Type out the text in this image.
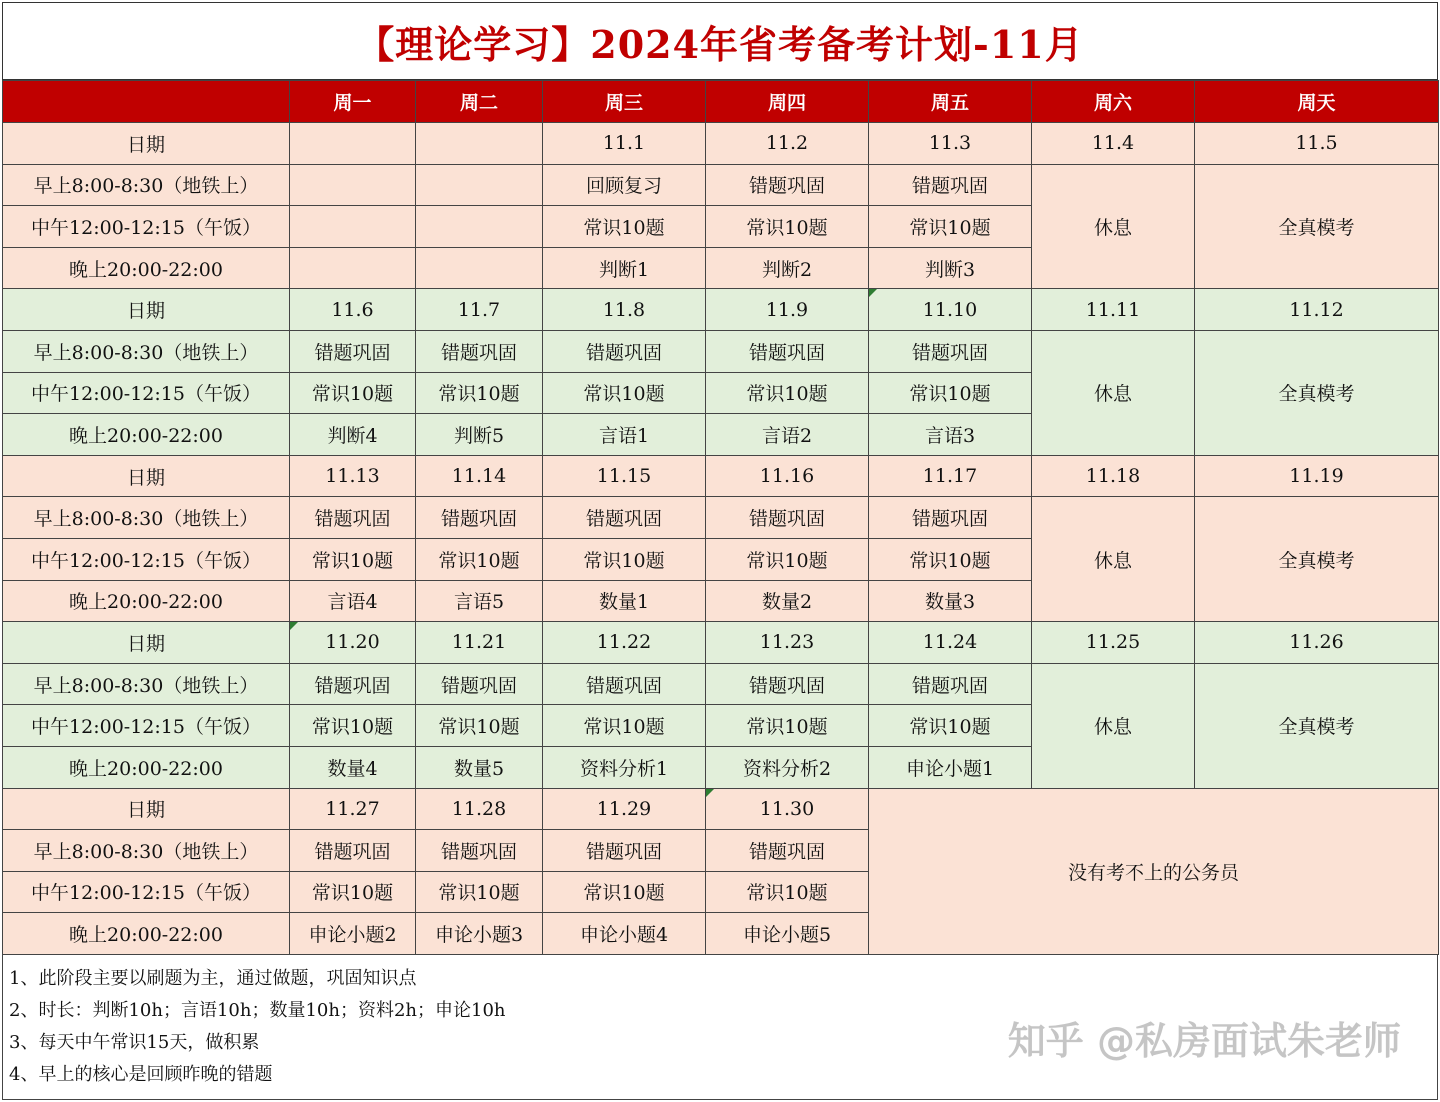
【理论学习】2024年省考备考计划-11月
	周一	周二	周三	周四	周五	周六	周天
日期			11.1	11.2	11.3	11.4	11.5
早上8:00-8:30（地铁上）			回顾复习	错题巩固	错题巩固	休息	全真模考
中午12:00-12:15（午饭）			常识10题	常识10题	常识10题		
晚上20:00-22:00			判断1	判断2	判断3		
日期	11.6	11.7	11.8	11.9	11.10	11.11	11.12
早上8:00-8:30（地铁上）	错题巩固	错题巩固	错题巩固	错题巩固	错题巩固	休息	全真模考
中午12:00-12:15（午饭）	常识10题	常识10题	常识10题	常识10题	常识10题		
晚上20:00-22:00	判断4	判断5	言语1	言语2	言语3		
日期	11.13	11.14	11.15	11.16	11.17	11.18	11.19
早上8:00-8:30（地铁上）	错题巩固	错题巩固	错题巩固	错题巩固	错题巩固	休息	全真模考
中午12:00-12:15（午饭）	常识10题	常识10题	常识10题	常识10题	常识10题		
晚上20:00-22:00	言语4	言语5	数量1	数量2	数量3		
日期	11.20	11.21	11.22	11.23	11.24	11.25	11.26
早上8:00-8:30（地铁上）	错题巩固	错题巩固	错题巩固	错题巩固	错题巩固	休息	全真模考
中午12:00-12:15（午饭）	常识10题	常识10题	常识10题	常识10题	常识10题		
晚上20:00-22:00	数量4	数量5	资料分析1	资料分析2	申论小题1		
日期	11.27	11.28	11.29	11.30	没有考不上的公务员		
早上8:00-8:30（地铁上）	错题巩固	错题巩固	错题巩固	错题巩固			
中午12:00-12:15（午饭）	常识10题	常识10题	常识10题	常识10题			
晚上20:00-22:00	申论小题2	申论小题3	申论小题4	申论小题5			
1、此阶段主要以刷题为主，通过做题，巩固知识点
2、时长：判断10h；言语10h；数量10h；资料2h；申论10h
3、每天中午常识15天，做积累
4、早上的核心是回顾昨晚的错题
知乎 @私房面试朱老师
